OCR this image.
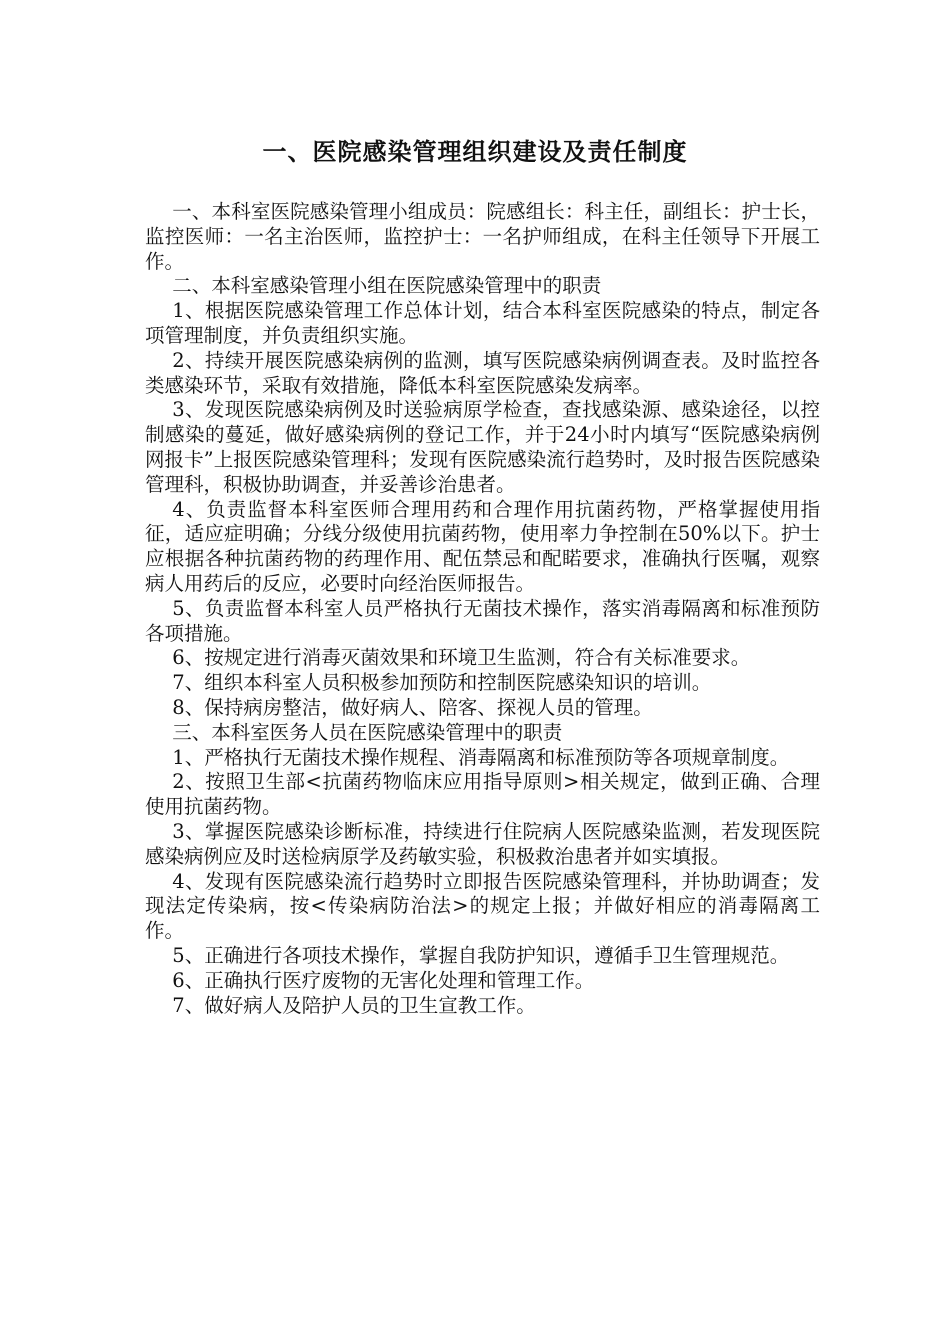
一、医院感染管理组织建设及责任制度

一、本科室医院感染管理小组成员：院感组长：科主任，副组长：护士长，监控医师：一名主治医师，监控护士：一名护师组成，在科主任领导下开展工作。

二、本科室感染管理小组在医院感染管理中的职责

1、根据医院感染管理工作总体计划，结合本科室医院感染的特点，制定各项管理制度，并负责组织实施。

2、持续开展医院感染病例的监测，填写医院感染病例调查表。及时监控各类感染环节，采取有效措施，降低本科室医院感染发病率。

3、发现医院感染病例及时送验病原学检查，查找感染源、感染途径，以控制感染的蔓延，做好感染病例的登记工作，并于24小时内填写“医院感染病例网报卡”上报医院感染管理科；发现有医院感染流行趋势时，及时报告医院感染管理科，积极协助调查，并妥善诊治患者。

4、负责监督本科室医师合理用药和合理作用抗菌药物，严格掌握使用指征，适应症明确；分线分级使用抗菌药物，使用率力争控制在50%以下。护士应根据各种抗菌药物的药理作用、配伍禁忌和配睰要求，准确执行医嘱，观察病人用药后的反应，必要时向经治医师报告。

5、负责监督本科室人员严格执行无菌技术操作，落实消毒隔离和标准预防各项措施。

6、按规定进行消毒灭菌效果和环境卫生监测，符合有关标准要求。

7、组织本科室人员积极参加预防和控制医院感染知识的培训。

8、保持病房整洁，做好病人、陪客、探视人员的管理。

三、本科室医务人员在医院感染管理中的职责

1、严格执行无菌技术操作规程、消毒隔离和标准预防等各项规章制度。

2、按照卫生部<抗菌药物临床应用指导原则>相关规定，做到正确、合理使用抗菌药物。

3、掌握医院感染诊断标准，持续进行住院病人医院感染监测，若发现医院感染病例应及时送检病原学及药敏实验，积极救治患者并如实填报。

4、发现有医院感染流行趋势时立即报告医院感染管理科，并协助调查；发现法定传染病，按<传染病防治法>的规定上报；并做好相应的消毒隔离工作。

5、正确进行各项技术操作，掌握自我防护知识，遵循手卫生管理规范。

6、正确执行医疗废物的无害化处理和管理工作。

7、做好病人及陪护人员的卫生宣教工作。
